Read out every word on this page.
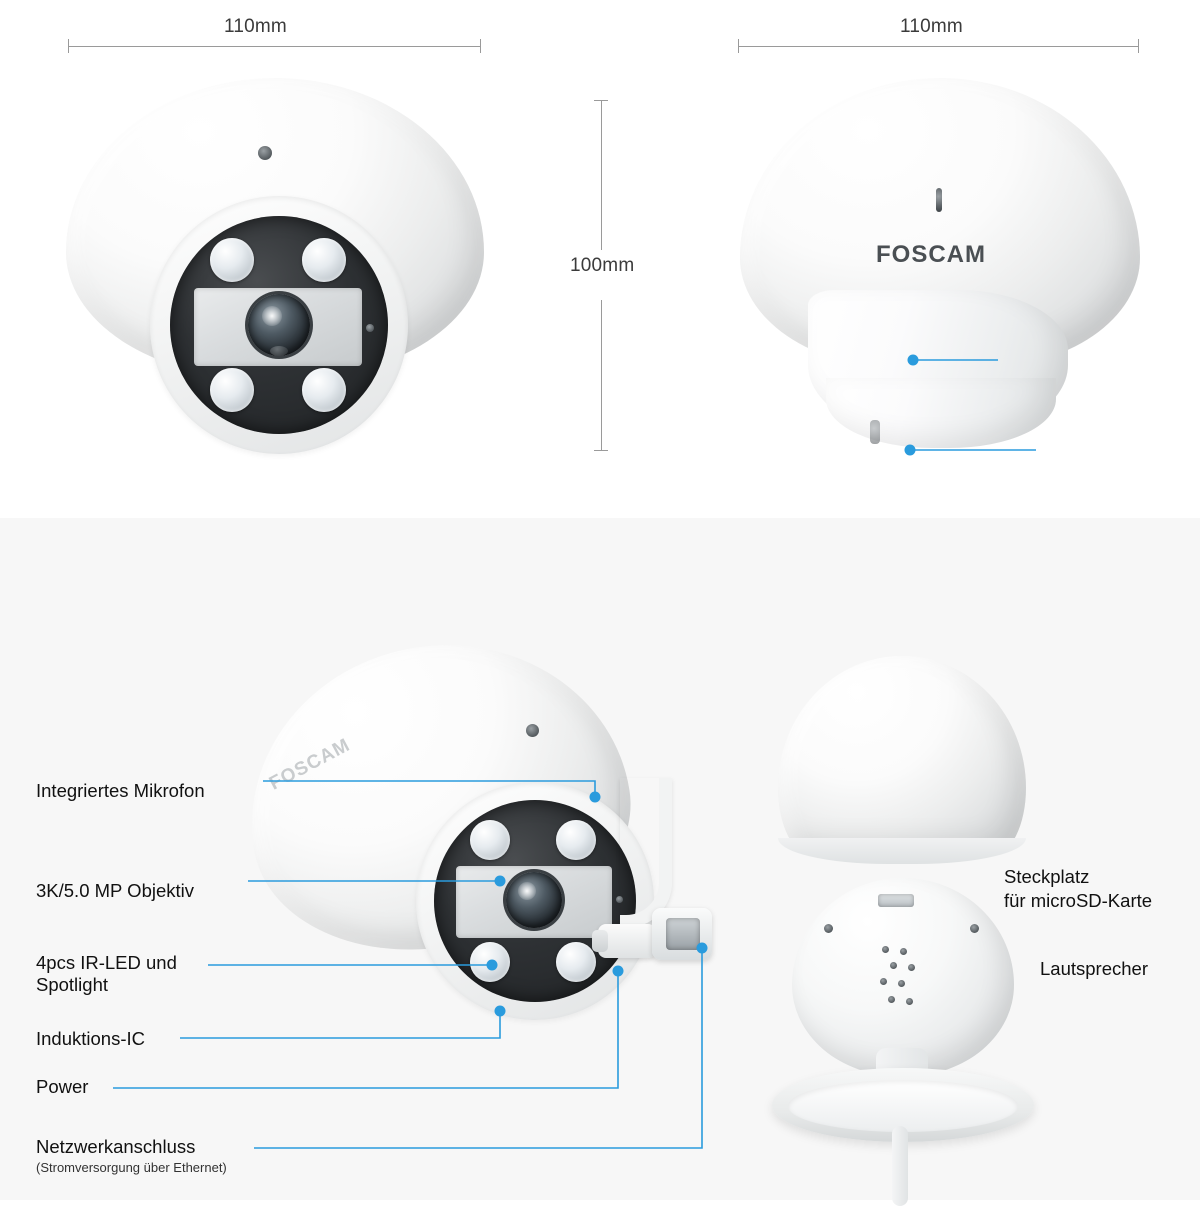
110mm	110mm
100mm	FOSCAM
FOSCAM
Integriertes Mikrofon
3K/5.0 MP Objektiv
4pcs IR-LED und
Spotlight
Induktions-IC
Power
Netzwerkanschluss
(Stromversorgung über Ethernet)
Steckplatz
für microSD-Karte
Lautsprecher
